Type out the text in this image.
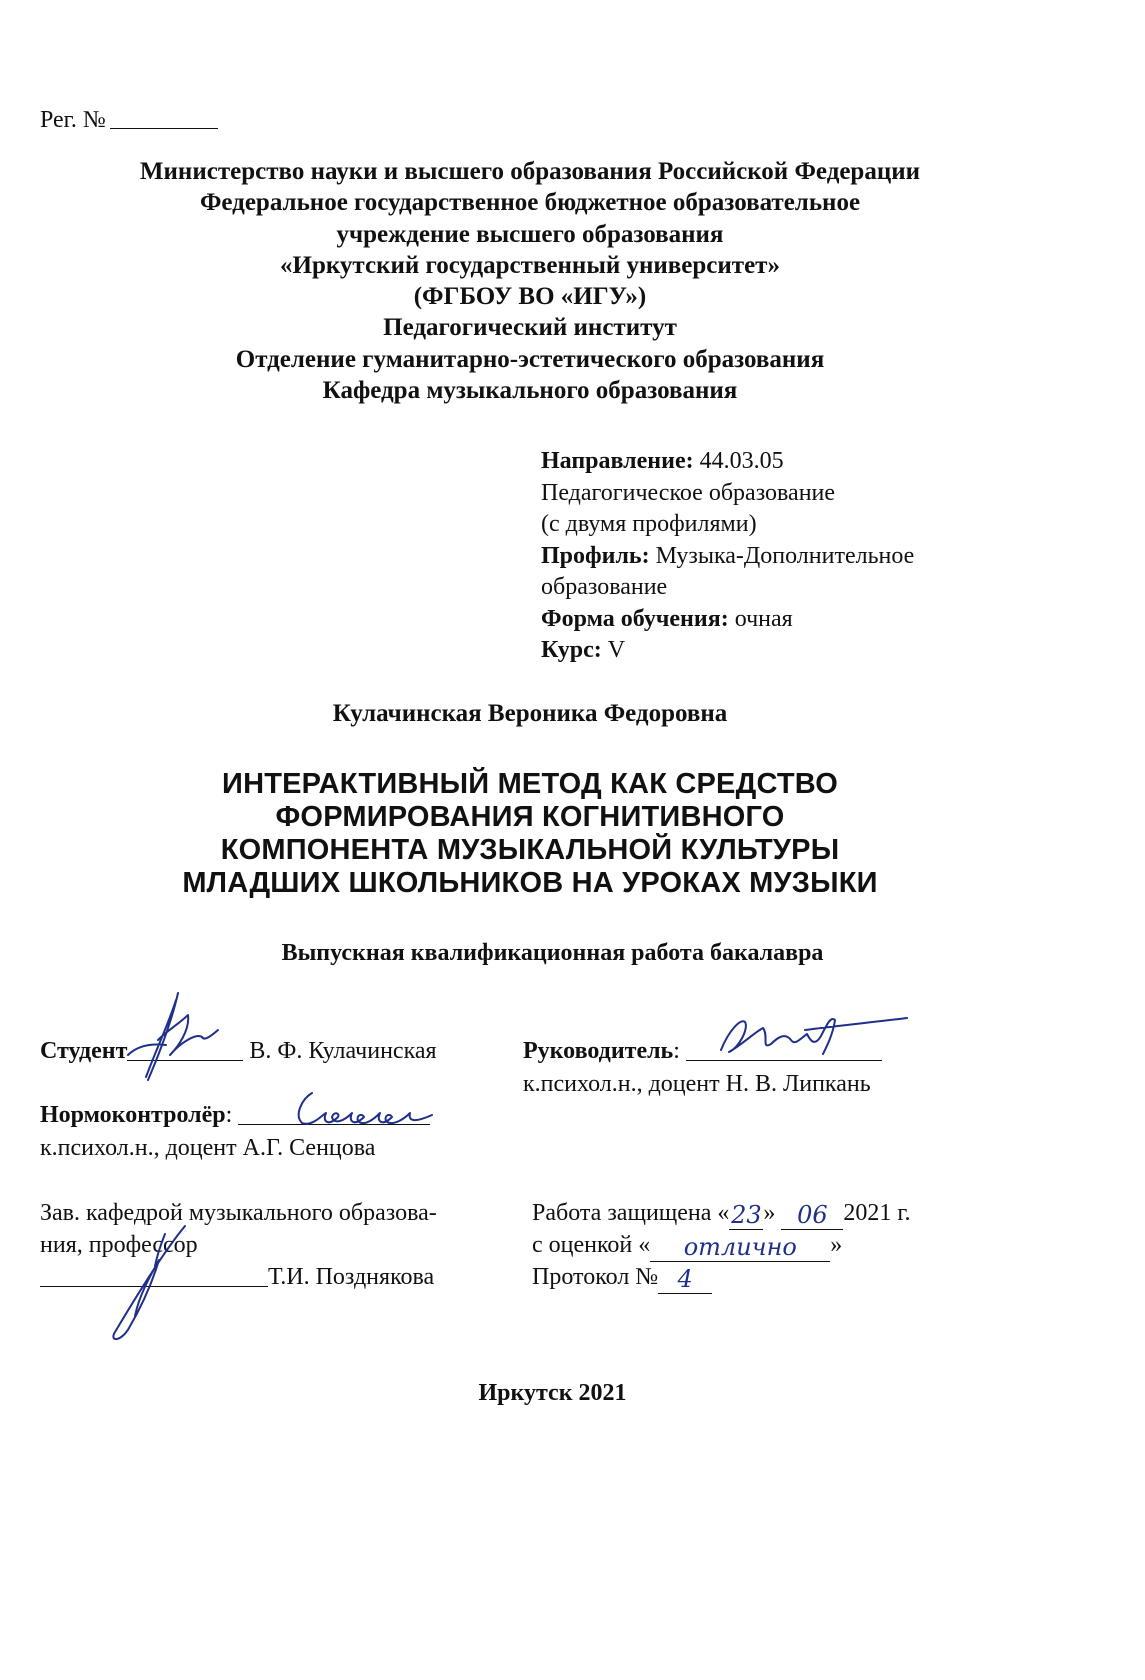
Рег. №
Министерство науки и высшего образования Российской Федерации
Федеральное государственное бюджетное образовательное
учреждение высшего образования
«Иркутский государственный университет»
(ФГБОУ ВО «ИГУ»)
Педагогический институт
Отделение гуманитарно-эстетического образования
Кафедра музыкального образования
Направление: 44.03.05
Педагогическое образование
(с двумя профилями)
Профиль: Музыка-Дополнительное
образование
Форма обучения: очная
Курс: V
Кулачинская Вероника Федоровна
ИНТЕРАКТИВНЫЙ МЕТОД КАК СРЕДСТВО
ФОРМИРОВАНИЯ КОГНИТИВНОГО
КОМПОНЕНТА МУЗЫКАЛЬНОЙ КУЛЬТУРЫ
МЛАДШИХ ШКОЛЬНИКОВ НА УРОКАХ МУЗЫКИ
Выпускная квалификационная работа бакалавра
Студент	В. Ф. Кулачинская	Руководитель:
к.психол.н., доцент Н. В. Липкань
Нормоконтролёр:
к.психол.н., доцент А.Г. Сенцова
Зав. кафедрой музыкального образова-
ния, профессор
Т.И. Позднякова
Работа защищена «23» 06 2021 г.
с оценкой « отлично »
Протокол № 4
Иркутск 2021
